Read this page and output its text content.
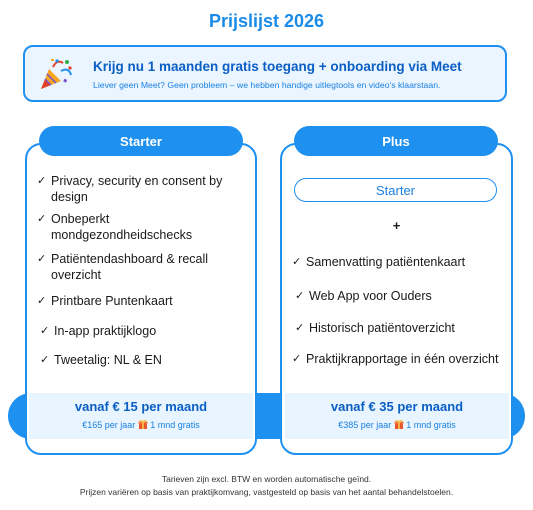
Prijslijst 2026
Krijg nu 1 maanden gratis toegang + onboarding via Meet
Liever geen Meet? Geen probleem – we hebben handige uitlegtools en video's klaarstaan.
Starter
✓ Privacy, security en consent by design
✓ Onbeperkt mondgezondheidschecks
✓ Patiëntendashboard & recall overzicht
✓ Printbare Puntenkaart
✓ In-app praktijklogo
✓ Tweetalig: NL & EN
Plus
Starter
+
✓ Samenvatting patiëntenkaart
✓ Web App voor Ouders
✓ Historisch patiëntoverzicht
✓ Praktijkrapportage in één overzicht
vanaf € 15 per maand
€165 per jaar 1 mnd gratis
vanaf € 35 per maand
€385 per jaar 1 mnd gratis
Tarieven zijn excl. BTW en worden automatische geïnd.
Prijzen variëren op basis van praktijkomvang, vastgesteld op basis van het aantal behandelstoelen.
